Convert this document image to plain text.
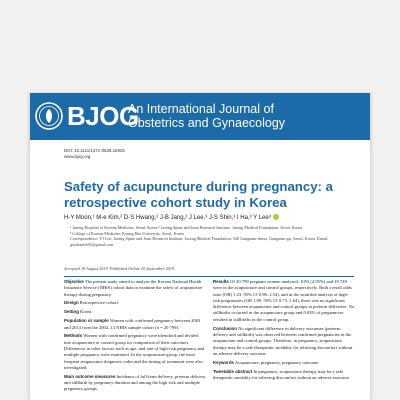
BJOG
An International Journal of
Obstetrics and Gynaecology
DOI: 10.1111/1471-0528.15925
www.bjog.org
Safety of acupuncture during pregnancy: a retrospective cohort study in Korea
H-Y Moon,¹ M-e Kim,² D-S Hwang,² J-B Jang,² J Lee,³ J-S Shin,³ I Ha,³ Y Lee³

¹ Jaseng Hospital of Korean Medicine, Seoul, Korea ² Jaseng Spine and Joint Research Institute, Jaseng Medical Foundation, Seoul, Korea

³ College of Korean Medicine, Kyung Hee University, Seoul, Korea

Correspondence: YJ Lee, Jaseng Spine and Joint Research Institute, Jaseng Medical Foundation, 540 Gangnam-daero, Gangnam-gu, Seoul, Korea. Email: goodsmile81@gmail.com

Accepted 18 August 2019. Published Online 20 September 2019.

Objective The present study aimed to analyse the Korean National Health Insurance Service (NHIS) cohort data to examine the safety of acupuncture therapy during pregnancy.

Design Retrospective cohort.

Setting Korea.

Population or sample Women with confirmed pregnancy between 2003 and 2013 from the 2002–13 NHIS sample cohort (n = 20 799).

Methods Women with confirmed pregnancy were identified and divided into acupuncture or control group for comparison of their outcomes. Differences in other factors such as age, and rate of high-risk pregnancy and multiple pregnancy were examined. In the acupuncture group, the most frequent acupuncture diagnosis codes and the timing of treatment were also investigated.

Main outcome measures Incidence of full-term delivery, preterm delivery and stillbirth by pregnancy duration and among the high-risk and multiple pregnancy groups.

Results Of 20 799 pregnant women analysed, 1055 (4.95%) and 19 749 were in the acupuncture and control groups, respectively. Both overall odds ratio (OR) 1.23, 95% CI 0.96–1.54), and in the stratified analysis of high-risk pregnancies (OR 1.09, 95% CI 0.73–1.64), there was no significant difference between acupuncture and control groups in preterm deliveries. No stillbirths occurred in the acupuncture group and 0.03% of pregnancies resulted in stillbirths in the control group.

Conclusion No significant difference in delivery outcomes (preterm delivery and stillbirth) was observed between confirmed pregnancies in the acupuncture and control groups. Therefore, in pregnancy, acupuncture therapy may be a safe therapeutic modality for relieving discomfort without an adverse delivery outcome.

Keywords Acupuncture, pregnancy, pregnancy outcome.

Tweetable abstract In pregnancy, acupuncture therapy may be a safe therapeutic modality for relieving discomfort without an adverse outcome.
